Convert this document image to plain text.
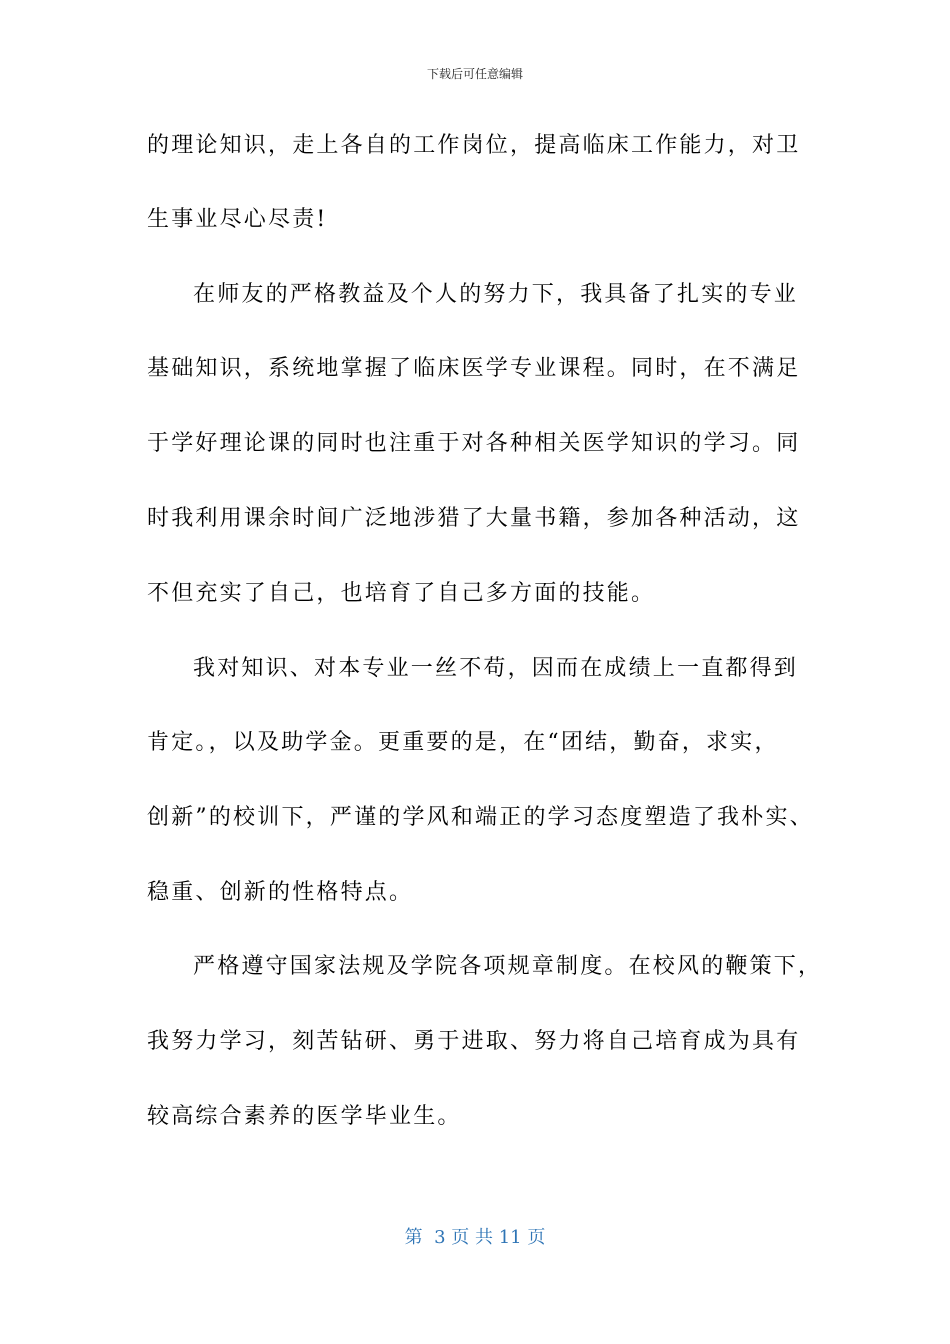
下载后可任意编辑
的理论知识，走上各自的工作岗位，提高临床工作能力，对卫
生事业尽心尽责!
在师友的严格教益及个人的努力下，我具备了扎实的专业
基础知识，系统地掌握了临床医学专业课程。同时，在不满足
于学好理论课的同时也注重于对各种相关医学知识的学习。同
时我利用课余时间广泛地涉猎了大量书籍，参加各种活动，这
不但充实了自己，也培育了自己多方面的技能。
我对知识、对本专业一丝不苟，因而在成绩上一直都得到
肯定。，以及助学金。更重要的是，在“团结，勤奋，求实，
创新”的校训下，严谨的学风和端正的学习态度塑造了我朴实、
稳重、创新的性格特点。
严格遵守国家法规及学院各项规章制度。在校风的鞭策下，
我努力学习，刻苦钻研、勇于进取、努力将自己培育成为具有
较高综合素养的医学毕业生。
第  3 页 共 11 页
